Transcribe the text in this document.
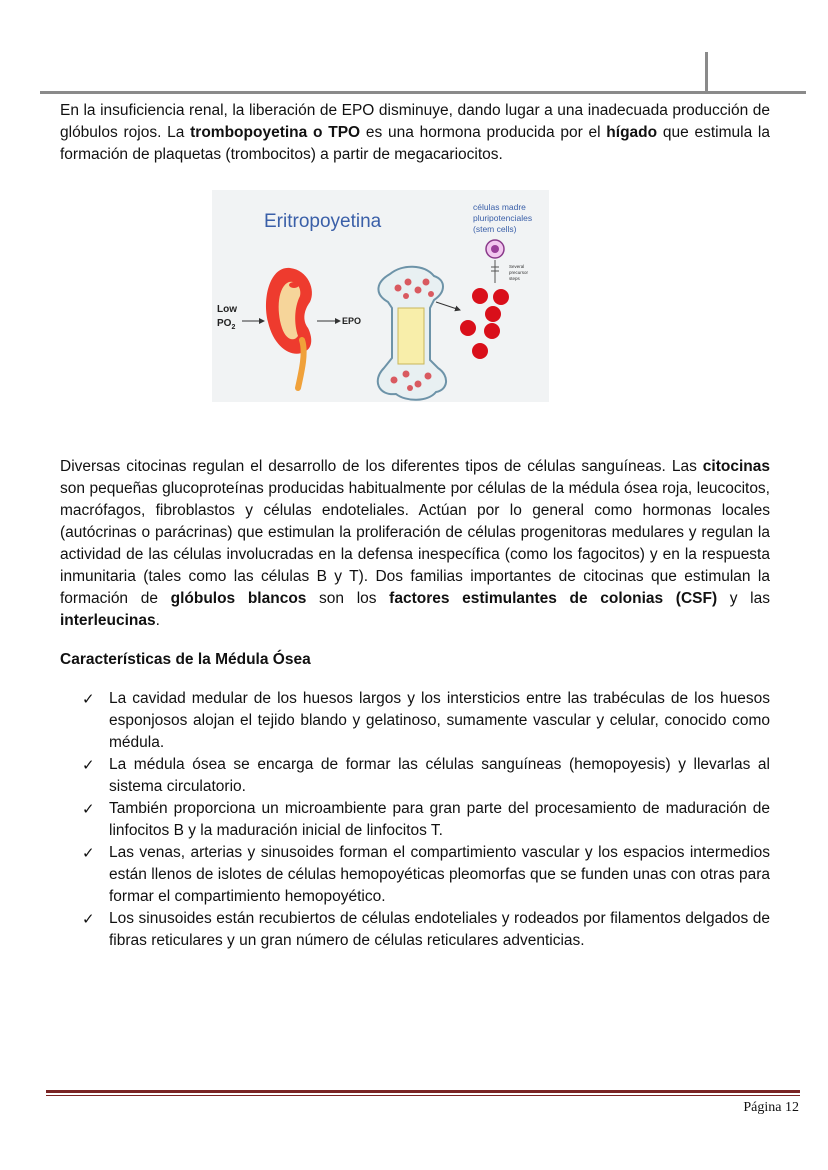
En la insuficiencia renal, la liberación de EPO disminuye, dando lugar a una inadecuada producción de glóbulos rojos. La trombopoyetina o TPO es una hormona producida por el hígado que estimula la formación de plaquetas (trombocitos) a partir de megacariocitos.

Eritropoyetina
células madre
pluripotenciales
(stem cells)
Several
precursor
steps
Low
$PO_2$
EPO

Diversas citocinas regulan el desarrollo de los diferentes tipos de células sanguíneas. Las citocinas son pequeñas glucoproteínas producidas habitualmente por células de la médula ósea roja, leucocitos, macrófagos, fibroblastos y células endoteliales. Actúan por lo general como hormonas locales (autócrinas o parácrinas) que estimulan la proliferación de células progenitoras medulares y regulan la actividad de las células involucradas en la defensa inespecífica (como los fagocitos) y en la respuesta inmunitaria (tales como las células B y T). Dos familias importantes de citocinas que estimulan la formación de glóbulos blancos son los factores estimulantes de colonias (CSF) y las interleucinas.

Características de la Médula Ósea
✓ La cavidad medular de los huesos largos y los intersticios entre las trabéculas de los huesos esponjosos alojan el tejido blando y gelatinoso, sumamente vascular y celular, conocido como médula.
✓ La médula ósea se encarga de formar las células sanguíneas (hemopoyesis) y llevarlas al sistema circulatorio.
✓ También proporciona un microambiente para gran parte del procesamiento de maduración de linfocitos B y la maduración inicial de linfocitos T.
✓ Las venas, arterias y sinusoides forman el compartimiento vascular y los espacios intermedios están llenos de islotes de células hemopoyéticas pleomorfas que se funden unas con otras para formar el compartimiento hemopoyético.
✓ Los sinusoides están recubiertos de células endoteliales y rodeados por filamentos delgados de fibras reticulares y un gran número de células reticulares adventicias.
Página 12
